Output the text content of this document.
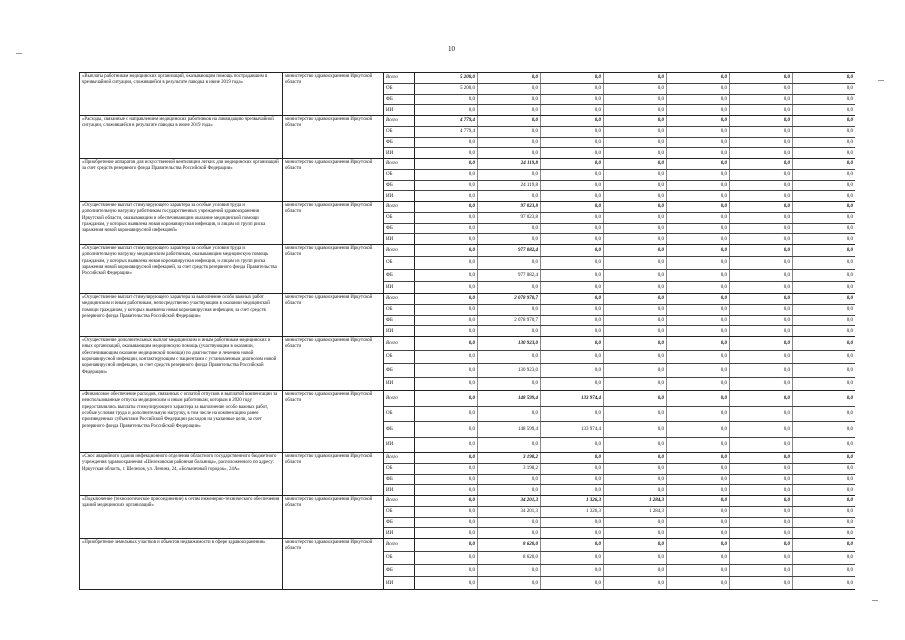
10
«Выплаты работникам медицинских организаций, оказывающим помощь пострадавшим в чрезвычайной ситуации, сложившейся в результате паводка в июне 2019 года»
министерство здравоохранения Иркутской области
Всего	5 200,0	0,0	0,0	0,0	0,0	0,0	0,0
ОБ	5 200,0	0,0	0,0	0,0	0,0	0,0	0,0
ФБ	0,0	0,0	0,0	0,0	0,0	0,0	0,0
ИИ	0,0	0,0	0,0	0,0	0,0	0,0	0,0
«Расходы, связанные с направлением медицинских работников на ликвидацию чрезвычайной ситуации, сложившейся в результате паводка в июне 2019 года»
министерство здравоохранения Иркутской области
Всего	4 779,4	0,0	0,0	0,0	0,0	0,0	0,0
ОБ	4 779,4	0,0	0,0	0,0	0,0	0,0	0,0
ФБ	0,0	0,0	0,0	0,0	0,0	0,0	0,0
ИИ	0,0	0,0	0,0	0,0	0,0	0,0	0,0
«Приобретение аппаратов для искусственной вентиляции легких для медицинских организаций за счет средств резервного фонда Правительства Российской Федерации»
министерство здравоохранения Иркутской области
Всего	0,0	24 119,8	0,0	0,0	0,0	0,0	0,0
ОБ	0,0	0,0	0,0	0,0	0,0	0,0	0,0
ФБ	0,0	24 119,8	0,0	0,0	0,0	0,0	0,0
ИИ	0,0	0,0	0,0	0,0	0,0	0,0	0,0
«Осуществление выплат стимулирующего характера за особые условия труда и дополнительную нагрузку работникам государственных учреждений здравоохранения Иркутской области, оказывающим и обеспечивающим оказание медицинской помощи гражданам, у которых выявлена новая коронавирусная инфекция, и лицам из групп риска заражения новой коронавирусной инфекцией»
министерство здравоохранения Иркутской области
Всего	0,0	97 023,8	0,0	0,0	0,0	0,0	0,0
ОБ	0,0	97 023,8	0,0	0,0	0,0	0,0	0,0
ФБ	0,0	0,0	0,0	0,0	0,0	0,0	0,0
ИИ	0,0	0,0	0,0	0,0	0,0	0,0	0,0
«Осуществление выплат стимулирующего характера за особые условия труда и дополнительную нагрузку медицинским работникам, оказывающим медицинскую помощь гражданам, у которых выявлена новая коронавирусная инфекция, и лицам из групп риска заражения новой коронавирусной инфекцией, за счет средств резервного фонда Правительства Российской Федерации»
министерство здравоохранения Иркутской области
Всего	0,0	977 082,4	0,0	0,0	0,0	0,0	0,0
ОБ	0,0	0,0	0,0	0,0	0,0	0,0	0,0
ФБ	0,0	977 082,4	0,0	0,0	0,0	0,0	0,0
ИИ	0,0	0,0	0,0	0,0	0,0	0,0	0,0
«Осуществление выплат стимулирующего характера за выполнение особо важных работ медицинским и иным работникам, непосредственно участвующим в оказании медицинской помощи гражданам, у которых выявлена новая коронавирусная инфекция, за счет средств резервного фонда Правительства Российской Федерации»
министерство здравоохранения Иркутской области
Всего	0,0	2 078 970,7	0,0	0,0	0,0	0,0	0,0
ОБ	0,0	0,0	0,0	0,0	0,0	0,0	0,0
ФБ	0,0	2 078 970,7	0,0	0,0	0,0	0,0	0,0
ИИ	0,0	0,0	0,0	0,0	0,0	0,0	0,0
«Осуществление дополнительных выплат медицинским и иным работникам медицинских и иных организаций, оказывающим медицинскую помощь (участвующим в оказании, обеспечивающим оказание медицинской помощи) по диагностике и лечению новой коронавирусной инфекции, контактирующим с пациентами с установленным диагнозом новой коронавирусной инфекции, за счет средств резервного фонда Правительства Российской Федерации»
министерство здравоохранения Иркутской области
Всего	0,0	130 923,0	0,0	0,0	0,0	0,0	0,0
ОБ	0,0	0,0	0,0	0,0	0,0	0,0	0,0
ФБ	0,0	130 923,0	0,0	0,0	0,0	0,0	0,0
ИИ	0,0	0,0	0,0	0,0	0,0	0,0	0,0
«Финансовое обеспечение расходов, связанных с оплатой отпусков и выплатой компенсации за неиспользованные отпуска медицинским и иным работникам, которым в 2020 году предоставлялись выплаты стимулирующего характера за выполнение особо важных работ, особые условия труда и дополнительную нагрузку, в том числе на компенсацию ранее произведенных субъектами Российской Федерации расходов на указанные цели, за счет резервного фонда Правительства Российской Федерации»
министерство здравоохранения Иркутской области
Всего	0,0	148 599,4	133 974,4	0,0	0,0	0,0	0,0
ОБ	0,0	0,0	0,0	0,0	0,0	0,0	0,0
ФБ	0,0	148 599,4	133 974,4	0,0	0,0	0,0	0,0
ИИ	0,0	0,0	0,0	0,0	0,0	0,0	0,0
«Снос аварийного здания инфекционного отделения областного государственного бюджетного учреждения здравоохранения «Шелеховская районная больница», расположенного по адресу: Иркутская область, г. Шелехов, ул. Ленина, 24, «Больничный городок», 24А»
министерство здравоохранения Иркутской области
Всего	0,0	3 198,2	0,0	0,0	0,0	0,0	0,0
ОБ	0,0	3 198,2	0,0	0,0	0,0	0,0	0,0
ФБ	0,0	0,0	0,0	0,0	0,0	0,0	0,0
ИИ	0,0	0,0	0,0	0,0	0,0	0,0	0,0
«Подключение (технологическое присоединение) к сетям инженерно-технического обеспечения зданий медицинских организаций»
министерство здравоохранения Иркутской области
Всего	0,0	34 201,3	1 326,3	1 284,3	0,0	0,0	0,0
ОБ	0,0	34 201,3	1 326,3	1 284,3	0,0	0,0	0,0
ФБ	0,0	0,0	0,0	0,0	0,0	0,0	0,0
ИИ	0,0	0,0	0,0	0,0	0,0	0,0	0,0
«Приобретение земельных участков и объектов недвижимости в сфере здравоохранения»	министерство здравоохранения Иркутской области
Всего	0,0	8 620,0	0,0	0,0	0,0	0,0	0,0
ОБ	0,0	8 620,0	0,0	0,0	0,0	0,0	0,0
ФБ	0,0	0,0	0,0	0,0	0,0	0,0	0,0
ИИ	0,0	0,0	0,0	0,0	0,0	0,0	0,0
